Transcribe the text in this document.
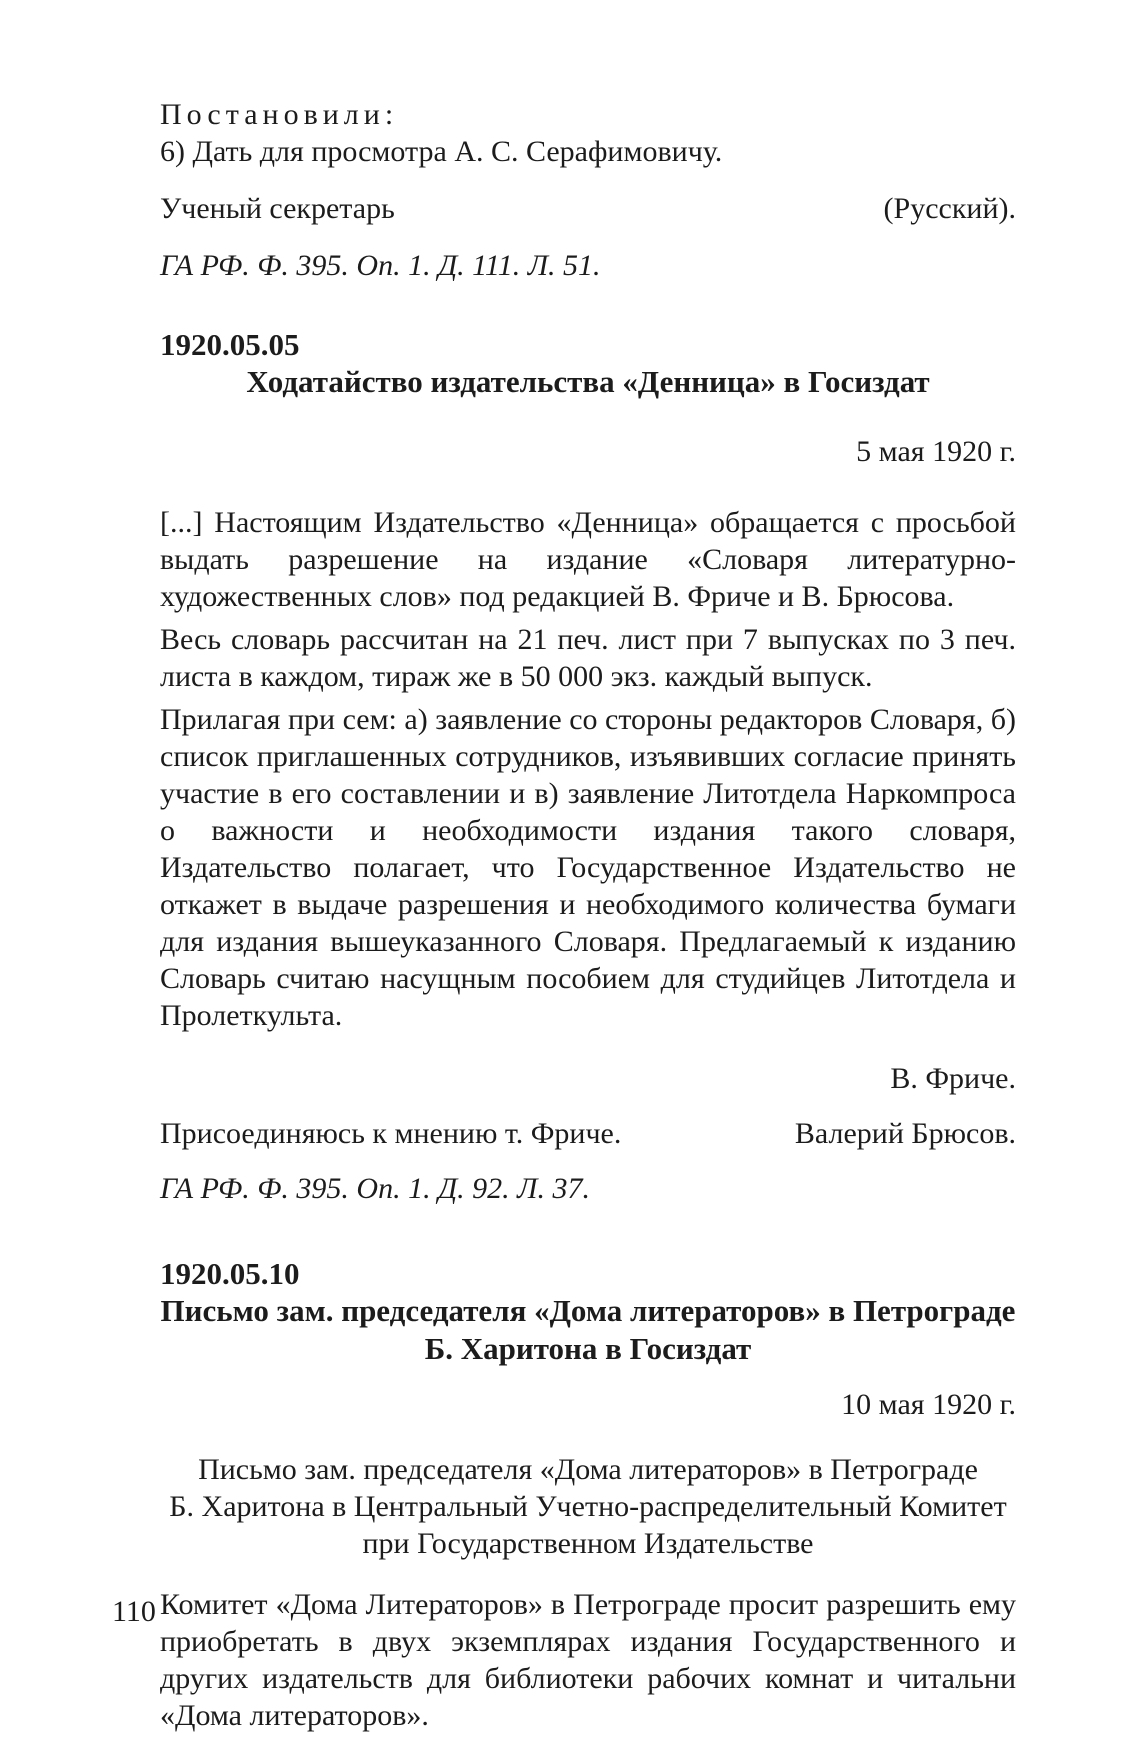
Постановили:

6) Дать для просмотра А. С. Серафимовичу.

Ученый секретарь	(Русский).

ГА РФ. Ф. 395. Оп. 1. Д. 111. Л. 51.

1920.05.05

Ходатайство издательства «Денница» в Госиздат

5 мая 1920 г.

[...] Настоящим Издательство «Денница» обращается с просьбой выдать разрешение на издание «Словаря литературно-художественных слов» под редакцией В. Фриче и В. Брюсова.

Весь словарь рассчитан на 21 печ. лист при 7 выпусках по 3 печ. листа в каждом, тираж же в 50 000 экз. каждый выпуск.

Прилагая при сем: а) заявление со стороны редакторов Словаря, б) список приглашенных сотрудников, изъявивших согласие принять участие в его составлении и в) заявление Литотдела Наркомпроса о важности и необходимости издания такого словаря, Издательство полагает, что Государственное Издательство не откажет в выдаче разрешения и необходимого количества бумаги для издания вышеуказанного Словаря. Предлагаемый к изданию Словарь считаю насущным пособием для студийцев Литотдела и Пролеткульта.

В. Фриче.

Присоединяюсь к мнению т. Фриче.	Валерий Брюсов.

ГА РФ. Ф. 395. Оп. 1. Д. 92. Л. 37.

1920.05.10

Письмо зам. председателя «Дома литераторов» в Петрограде

Б. Харитона в Госиздат

10 мая 1920 г.

Письмо зам. председателя «Дома литераторов» в Петрограде

Б. Харитона в Центральный Учетно-распределительный Комитет

при Государственном Издательстве

Комитет «Дома Литераторов» в Петрограде просит разрешить ему приобретать в двух экземплярах издания Государственного и других издательств для библиотеки рабочих комнат и читальни «Дома литераторов».

110
